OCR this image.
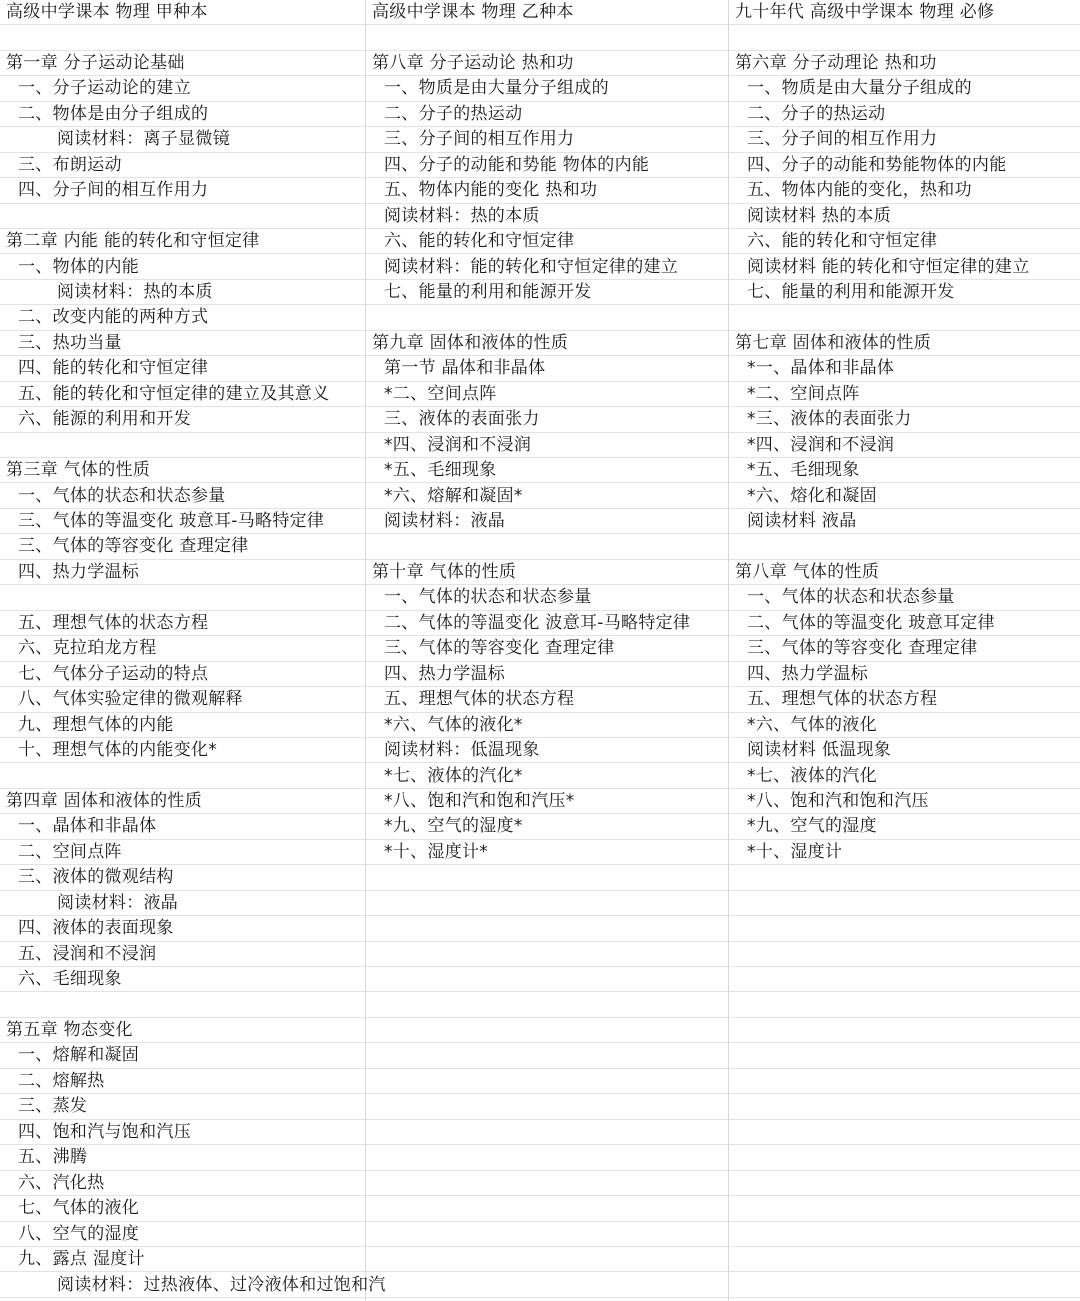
高级中学课本 物理 甲种本
第一章 分子运动论基础
一、分子运动论的建立
二、物体是由分子组成的
阅读材料：离子显微镜
三、布朗运动
四、分子间的相互作用力
第二章 内能 能的转化和守恒定律
一、物体的内能
阅读材料：热的本质
二、改变内能的两种方式
三、热功当量
四、能的转化和守恒定律
五、能的转化和守恒定律的建立及其意义
六、能源的利用和开发
第三章 气体的性质
一、气体的状态和状态参量
三、气体的等温变化 玻意耳-马略特定律
三、气体的等容变化 查理定律
四、热力学温标
五、理想气体的状态方程
六、克拉珀龙方程
七、气体分子运动的特点
八、气体实验定律的微观解释
九、理想气体的内能
十、理想气体的内能变化*
第四章 固体和液体的性质
一、晶体和非晶体
二、空间点阵
三、液体的微观结构
阅读材料：液晶
四、液体的表面现象
五、浸润和不浸润
六、毛细现象
第五章 物态变化
一、熔解和凝固
二、熔解热
三、蒸发
四、饱和汽与饱和汽压
五、沸腾
六、汽化热
七、气体的液化
八、空气的湿度
九、露点 湿度计
阅读材料：过热液体、过冷液体和过饱和汽
高级中学课本 物理 乙种本
第八章 分子运动论 热和功
一、物质是由大量分子组成的
二、分子的热运动
三、分子间的相互作用力
四、分子的动能和势能 物体的内能
五、物体内能的变化 热和功
阅读材料：热的本质
六、能的转化和守恒定律
阅读材料：能的转化和守恒定律的建立
七、能量的利用和能源开发
第九章 固体和液体的性质
第一节 晶体和非晶体
*二、空间点阵
三、液体的表面张力
*四、浸润和不浸润
*五、毛细现象
*六、熔解和凝固*
阅读材料：液晶
第十章 气体的性质
一、气体的状态和状态参量
二、气体的等温变化 波意耳-马略特定律
三、气体的等容变化 查理定律
四、热力学温标
五、理想气体的状态方程
*六、气体的液化*
阅读材料：低温现象
*七、液体的汽化*
*八、饱和汽和饱和汽压*
*九、空气的湿度*
*十、湿度计*
九十年代 高级中学课本 物理 必修
第六章 分子动理论 热和功
一、物质是由大量分子组成的
二、分子的热运动
三、分子间的相互作用力
四、分子的动能和势能物体的内能
五、物体内能的变化，热和功
阅读材料 热的本质
六、能的转化和守恒定律
阅读材料 能的转化和守恒定律的建立
七、能量的利用和能源开发
第七章 固体和液体的性质
*一、晶体和非晶体
*二、空间点阵
*三、液体的表面张力
*四、浸润和不浸润
*五、毛细现象
*六、熔化和凝固
阅读材料 液晶
第八章 气体的性质
一、气体的状态和状态参量
二、气体的等温变化 玻意耳定律
三、气体的等容变化 查理定律
四、热力学温标
五、理想气体的状态方程
*六、气体的液化
阅读材料 低温现象
*七、液体的汽化
*八、饱和汽和饱和汽压
*九、空气的湿度
*十、湿度计
